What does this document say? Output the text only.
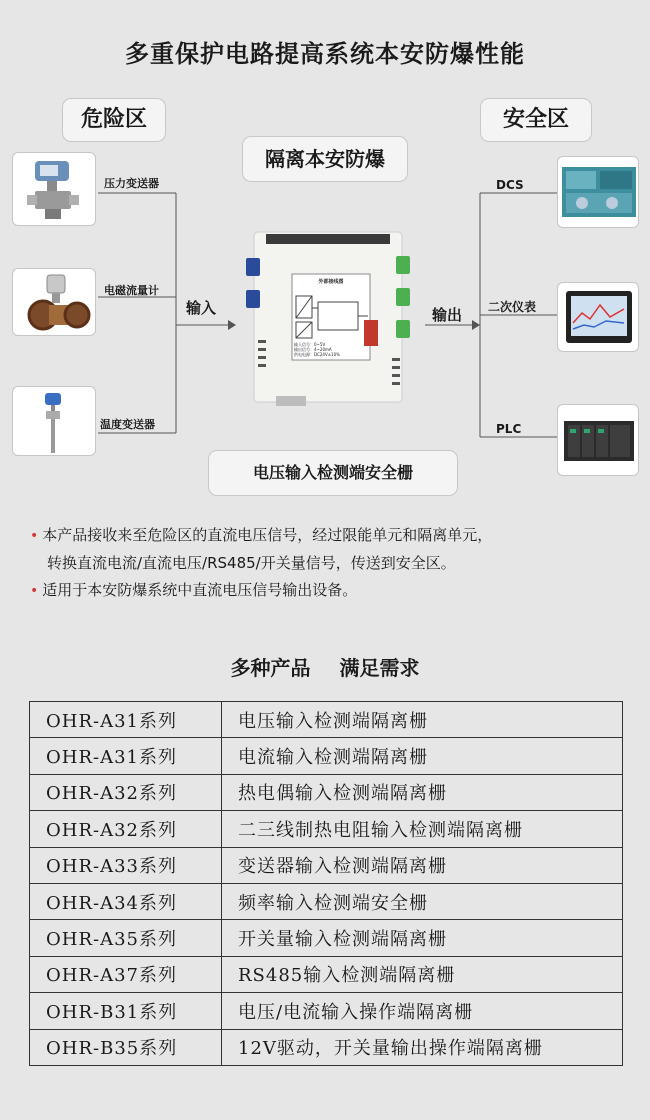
多重保护电路提高系统本安防爆性能
危险区	安全区
隔离本安防爆
压力变送器
电磁流量计
温度变送器
输入	输出
外部接线图
输入信号：0~5V
输出信号：4~20mA
供电电源：DC24V±10%
DCS
二次仪表
PLC
电压输入检测端安全栅
• 本产品接收来至危险区的直流电压信号，经过限能单元和隔离单元，
转换直流电流/直流电压/RS485/开关量信号，传送到安全区。
• 适用于本安防爆系统中直流电压信号输出设备。
多种产品 满足需求
OHR-A31系列	电压输入检测端隔离栅
OHR-A31系列	电流输入检测端隔离栅
OHR-A32系列	热电偶输入检测端隔离栅
OHR-A32系列	二三线制热电阻输入检测端隔离栅
OHR-A33系列	变送器输入检测端隔离栅
OHR-A34系列	频率输入检测端安全栅
OHR-A35系列	开关量输入检测端隔离栅
OHR-A37系列	RS485输入检测端隔离栅
OHR-B31系列	电压/电流输入操作端隔离栅
OHR-B35系列	12V驱动，开关量输出操作端隔离栅
